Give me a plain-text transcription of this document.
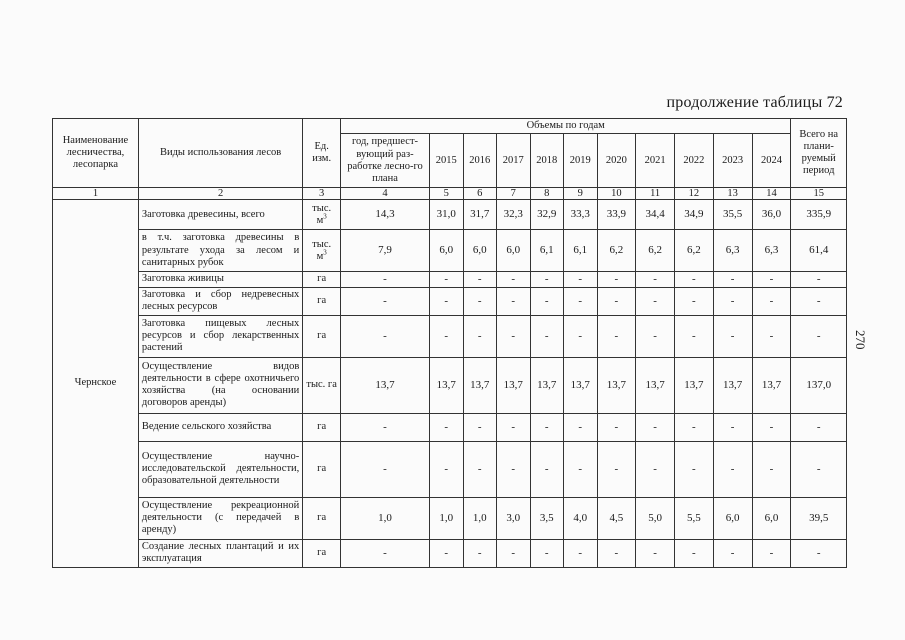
продолжение таблицы 72
270
Наименование лесничества, лесопарка	Виды использования лесов	Ед. изм.	Объемы по годам											Всего на плани-руемый период
			год, предшест-вующий раз-работке лесно-го плана	2015	2016	2017	2018	2019	2020	2021	2022	2023	2024	
1	2	3	4	5	6	7	8	9	10	11	12	13	14	15
Чернское	Заготовка древесины, всего	тыс. $м^3$	14,3	31,0	31,7	32,3	32,9	33,3	33,9	34,4	34,9	35,5	36,0	335,9
	в т.ч. заготовка древесины в результате ухода за лесом и санитарных рубок	тыс. $м^3$	7,9	6,0	6,0	6,0	6,1	6,1	6,2	6,2	6,2	6,3	6,3	61,4
	Заготовка живицы	га	-	-	-	-	-	-	-	-	-	-	-	-
	Заготовка и сбор недревесных лесных ресурсов	га	-	-	-	-	-	-	-	-	-	-	-	-
	Заготовка пищевых лесных ресурсов и сбор лекарственных растений	га	-	-	-	-	-	-	-	-	-	-	-	-
	Осуществление видов деятельности в сфере охотничьего хозяйства (на основании договоров аренды)	тыс. га	13,7	13,7	13,7	13,7	13,7	13,7	13,7	13,7	13,7	13,7	13,7	137,0
	Ведение сельского хозяйства	га	-	-	-	-	-	-	-	-	-	-	-	-
	Осуществление научно-исследовательской деятельности, образовательной деятельности	га	-	-	-	-	-	-	-	-	-	-	-	-
	Осуществление рекреационной деятельности (с передачей в аренду)	га	1,0	1,0	1,0	3,0	3,5	4,0	4,5	5,0	5,5	6,0	6,0	39,5
	Создание лесных плантаций и их эксплуатация	га	-	-	-	-	-	-	-	-	-	-	-	-
